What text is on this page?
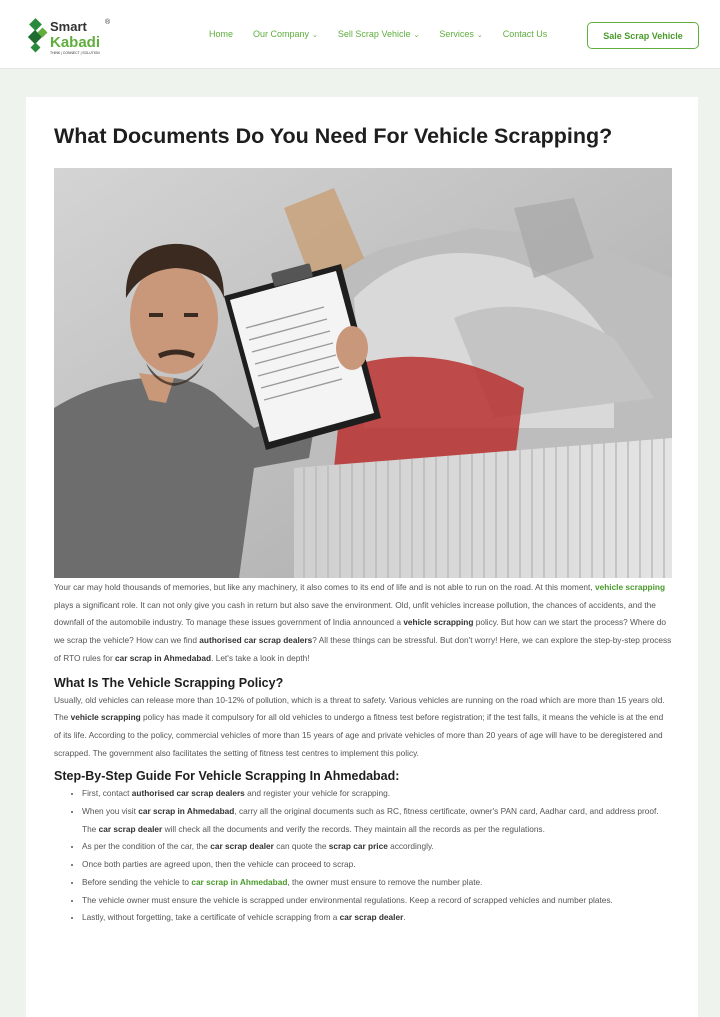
Smart	®
Kabadi
THINK | CONNECT | SOLUTION
Home Our Company ⌄ Sell Scrap Vehicle ⌄ Services ⌄ Contact Us	Sale Scrap Vehicle
What Documents Do You Need For Vehicle Scrapping?

Your car may hold thousands of memories, but like any machinery, it also comes to its end of life and is not able to run on the road. At this moment, vehicle scrapping plays a significant role. It can not only give you cash in return but also save the environment. Old, unfit vehicles increase pollution, the chances of accidents, and the downfall of the automobile industry. To manage these issues government of India announced a vehicle scrapping policy. But how can we start the process? Where do we scrap the vehicle? How can we find authorised car scrap dealers? All these things can be stressful. But don't worry! Here, we can explore the step-by-step process of RTO rules for car scrap in Ahmedabad. Let's take a look in depth!

What Is The Vehicle Scrapping Policy?

Usually, old vehicles can release more than 10-12% of pollution, which is a threat to safety. Various vehicles are running on the road which are more than 15 years old. The vehicle scrapping policy has made it compulsory for all old vehicles to undergo a fitness test before registration; if the test falls, it means the vehicle is at the end of its life. According to the policy, commercial vehicles of more than 15 years of age and private vehicles of more than 20 years of age will have to be deregistered and scrapped. The government also facilitates the setting of fitness test centres to implement this policy.

Step-By-Step Guide For Vehicle Scrapping In Ahmedabad:
• First, contact authorised car scrap dealers and register your vehicle for scrapping.
• When you visit car scrap in Ahmedabad, carry all the original documents such as RC, fitness certificate, owner's PAN card, Aadhar card, and address proof. The car scrap dealer will check all the documents and verify the records. They maintain all the records as per the regulations.
• As per the condition of the car, the car scrap dealer can quote the scrap car price accordingly.
• Once both parties are agreed upon, then the vehicle can proceed to scrap.
• Before sending the vehicle to car scrap in Ahmedabad, the owner must ensure to remove the number plate.
• The vehicle owner must ensure the vehicle is scrapped under environmental regulations. Keep a record of scrapped vehicles and number plates.
• Lastly, without forgetting, take a certificate of vehicle scrapping from a car scrap dealer.
